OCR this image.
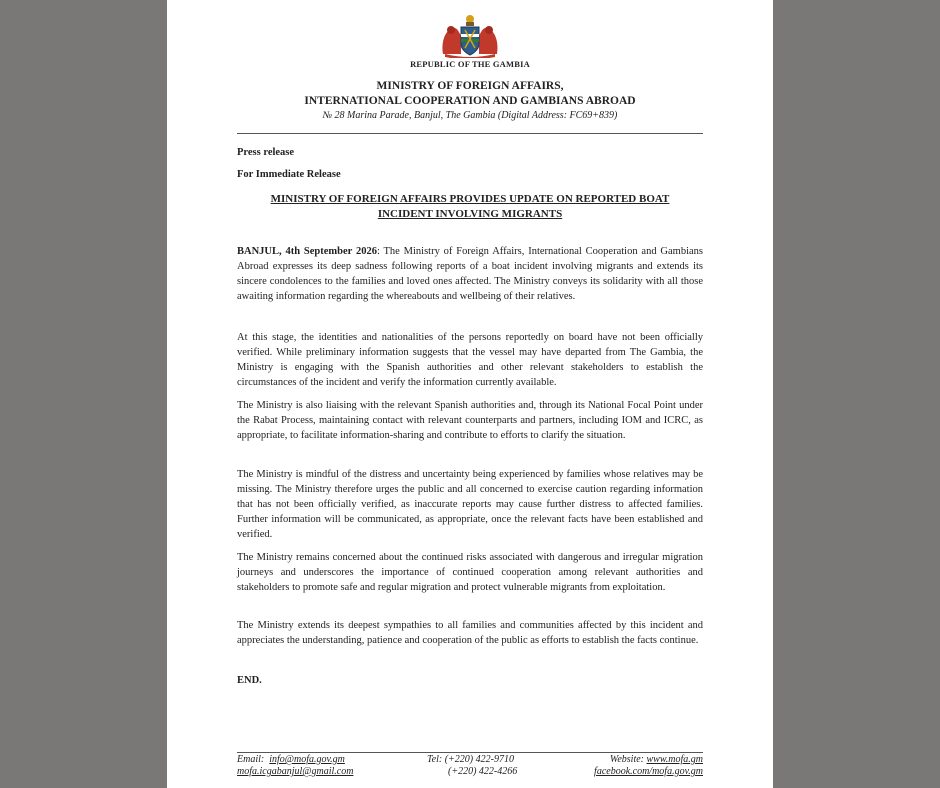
REPUBLIC OF THE GAMBIA
MINISTRY OF FOREIGN AFFAIRS,
INTERNATIONAL COOPERATION AND GAMBIANS ABROAD
№ 28 Marina Parade, Banjul, The Gambia (Digital Address: FC69+839)
Press release
For Immediate Release
MINISTRY OF FOREIGN AFFAIRS PROVIDES UPDATE ON REPORTED BOAT
INCIDENT INVOLVING MIGRANTS

BANJUL, 4th September 2026: The Ministry of Foreign Affairs, International Cooperation and Gambians Abroad expresses its deep sadness following reports of a boat incident involving migrants and extends its sincere condolences to the families and loved ones affected. The Ministry conveys its solidarity with all those awaiting information regarding the whereabouts and wellbeing of their relatives.

At this stage, the identities and nationalities of the persons reportedly on board have not been officially verified. While preliminary information suggests that the vessel may have departed from The Gambia, the Ministry is engaging with the Spanish authorities and other relevant stakeholders to establish the circumstances of the incident and verify the information currently available.

The Ministry is also liaising with the relevant Spanish authorities and, through its National Focal Point under the Rabat Process, maintaining contact with relevant counterparts and partners, including IOM and ICRC, as appropriate, to facilitate information-sharing and contribute to efforts to clarify the situation.

The Ministry is mindful of the distress and uncertainty being experienced by families whose relatives may be missing. The Ministry therefore urges the public and all concerned to exercise caution regarding information that has not been officially verified, as inaccurate reports may cause further distress to affected families. Further information will be communicated, as appropriate, once the relevant facts have been established and verified.

The Ministry remains concerned about the continued risks associated with dangerous and irregular migration journeys and underscores the importance of continued cooperation among relevant authorities and stakeholders to promote safe and regular migration and protect vulnerable migrants from exploitation.

The Ministry extends its deepest sympathies to all families and communities affected by this incident and appreciates the understanding, patience and cooperation of the public as efforts to establish the facts continue.

END.
Email: info@mofa.gov.gm
mofa.icgabanjul@gmail.com
Tel: (+220) 422-9710
(+220) 422-4266
Website: www.mofa.gm
facebook.com/mofa.gov.gm
